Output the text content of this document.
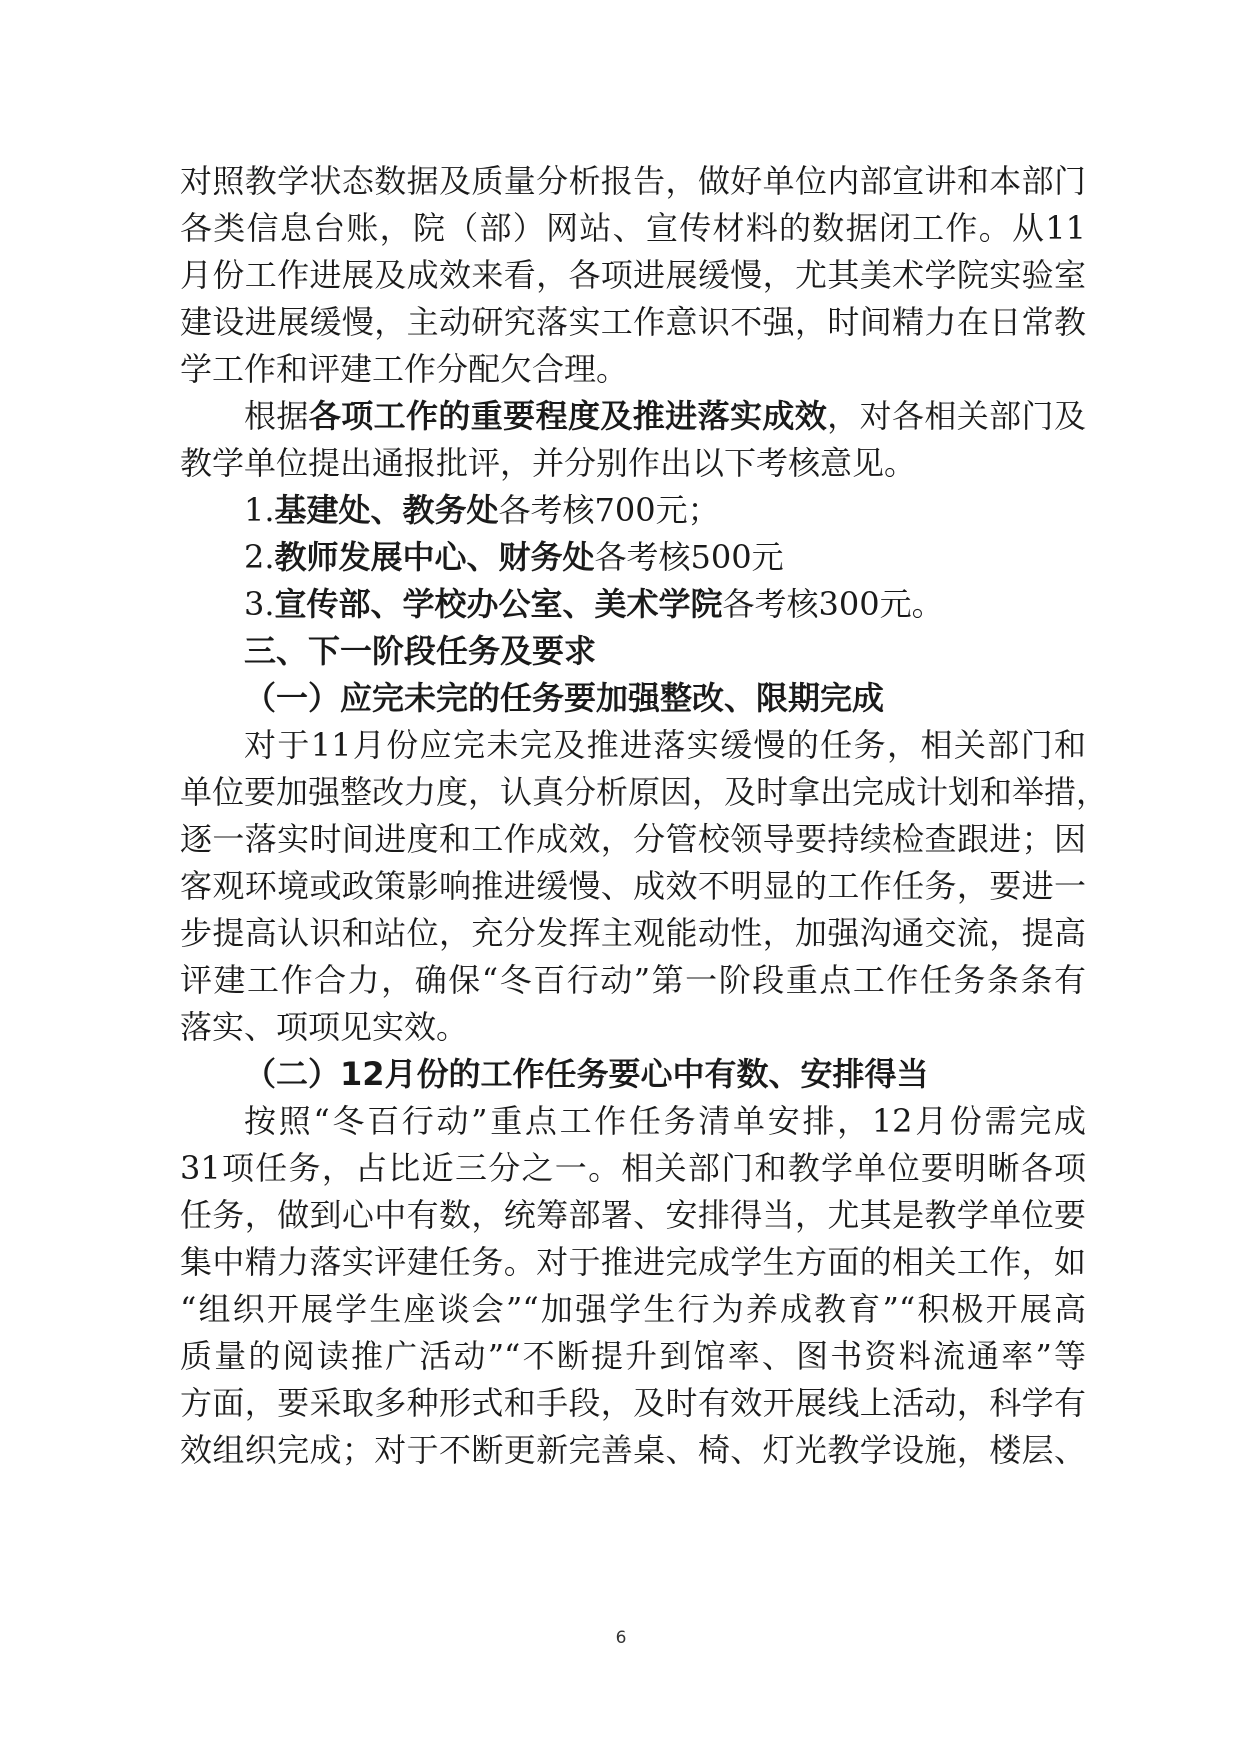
对照教学状态数据及质量分析报告，做好单位内部宣讲和本部门
各类信息台账，院（部）网站、宣传材料的数据闭工作。从11
月份工作进展及成效来看，各项进展缓慢，尤其美术学院实验室
建设进展缓慢，主动研究落实工作意识不强，时间精力在日常教
学工作和评建工作分配欠合理。
根据各项工作的重要程度及推进落实成效，对各相关部门及
教学单位提出通报批评，并分别作出以下考核意见。
1.基建处、教务处各考核700元；
2.教师发展中心、财务处各考核500元
3.宣传部、学校办公室、美术学院各考核300元。
三、下一阶段任务及要求
（一）应完未完的任务要加强整改、限期完成
对于11月份应完未完及推进落实缓慢的任务，相关部门和
单位要加强整改力度，认真分析原因，及时拿出完成计划和举措，
逐一落实时间进度和工作成效，分管校领导要持续检查跟进；因
客观环境或政策影响推进缓慢、成效不明显的工作任务，要进一
步提高认识和站位，充分发挥主观能动性，加强沟通交流，提高
评建工作合力，确保“冬百行动”第一阶段重点工作任务条条有
落实、项项见实效。
（二）12月份的工作任务要心中有数、安排得当
按照“冬百行动”重点工作任务清单安排，12月份需完成
31项任务，占比近三分之一。相关部门和教学单位要明晰各项
任务，做到心中有数，统筹部署、安排得当，尤其是教学单位要
集中精力落实评建任务。对于推进完成学生方面的相关工作，如
“组织开展学生座谈会”“加强学生行为养成教育”“积极开展高
质量的阅读推广活动”“不断提升到馆率、图书资料流通率”等
方面，要采取多种形式和手段，及时有效开展线上活动，科学有
效组织完成；对于不断更新完善桌、椅、灯光教学设施，楼层、
6
